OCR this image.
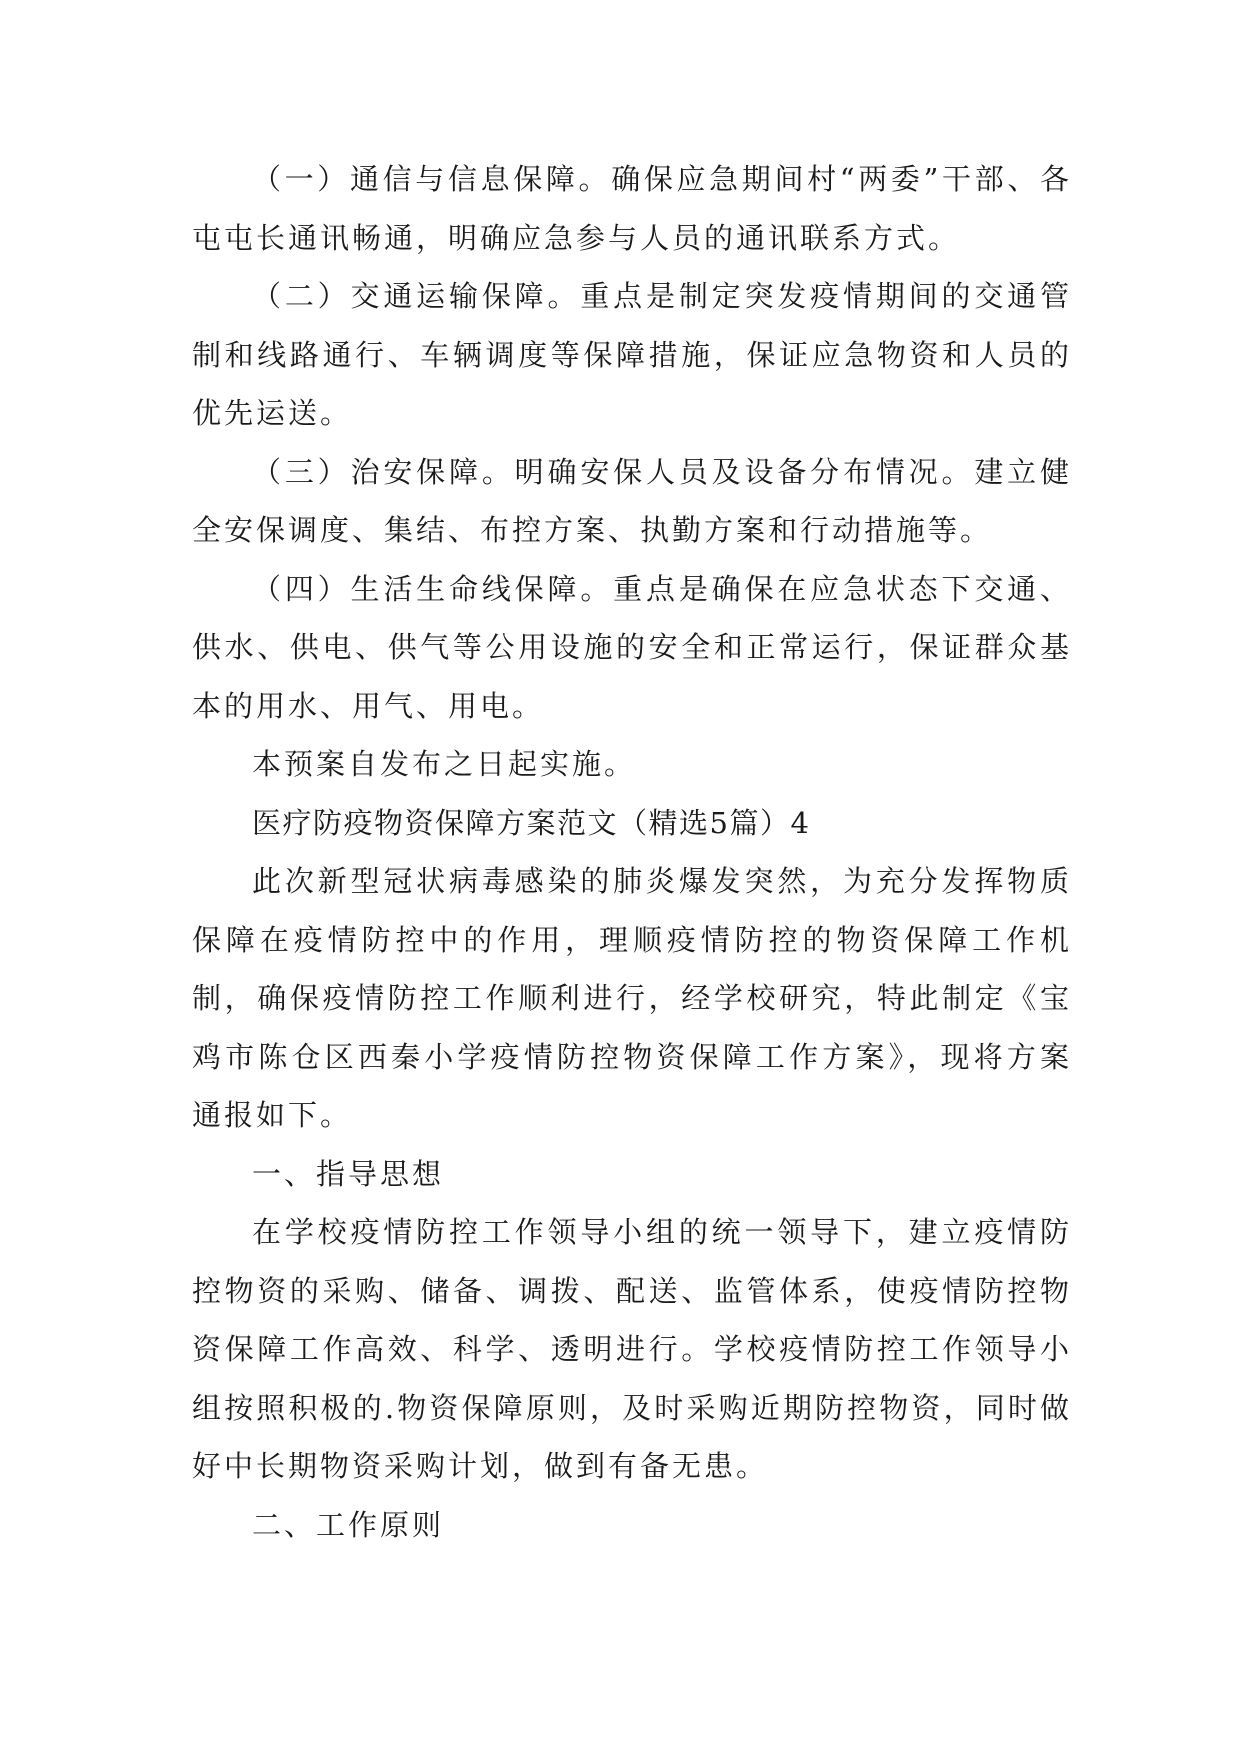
（一）通信与信息保障。确保应急期间村“两委”干部、各屯屯长通讯畅通，明确应急参与人员的通讯联系方式。

（二）交通运输保障。重点是制定突发疫情期间的交通管制和线路通行、车辆调度等保障措施，保证应急物资和人员的优先运送。

（三）治安保障。明确安保人员及设备分布情况。建立健全安保调度、集结、布控方案、执勤方案和行动措施等。

（四）生活生命线保障。重点是确保在应急状态下交通、供水、供电、供气等公用设施的安全和正常运行，保证群众基本的用水、用气、用电。

本预案自发布之日起实施。

医疗防疫物资保障方案范文（精选5篇）4

此次新型冠状病毒感染的肺炎爆发突然，为充分发挥物质保障在疫情防控中的作用，理顺疫情防控的物资保障工作机制，确保疫情防控工作顺利进行，经学校研究，特此制定《宝鸡市陈仓区西秦小学疫情防控物资保障工作方案》，现将方案通报如下。

一、指导思想

在学校疫情防控工作领导小组的统一领导下，建立疫情防控物资的采购、储备、调拨、配送、监管体系，使疫情防控物资保障工作高效、科学、透明进行。学校疫情防控工作领导小组按照积极的.物资保障原则，及时采购近期防控物资，同时做好中长期物资采购计划，做到有备无患。

二、工作原则
